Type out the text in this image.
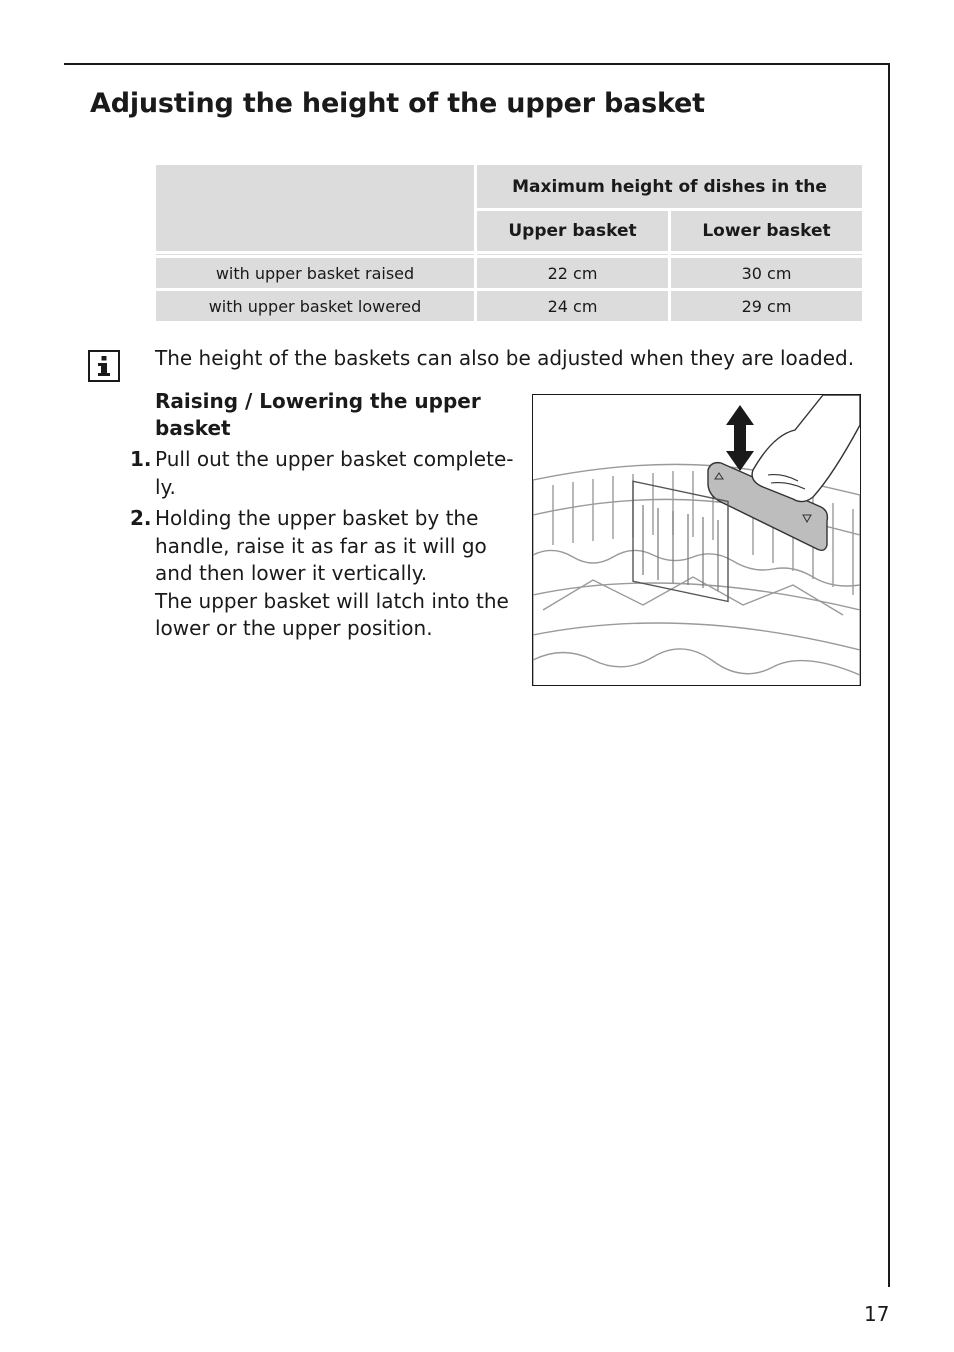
Adjusting the height of the upper basket
	Maximum height of dishes in the	
	Upper basket	Lower basket

with upper basket raised	22 cm	30 cm
with upper basket lowered	24 cm	29 cm

The height of the baskets can also be adjusted when they are loaded.

Raising / Lowering the upper basket
1. Pull out the upper basket completely.
2. Holding the upper basket by the handle, raise it as far as it will go and then lower it vertically.
The upper basket will latch into the lower or the upper position.
17
